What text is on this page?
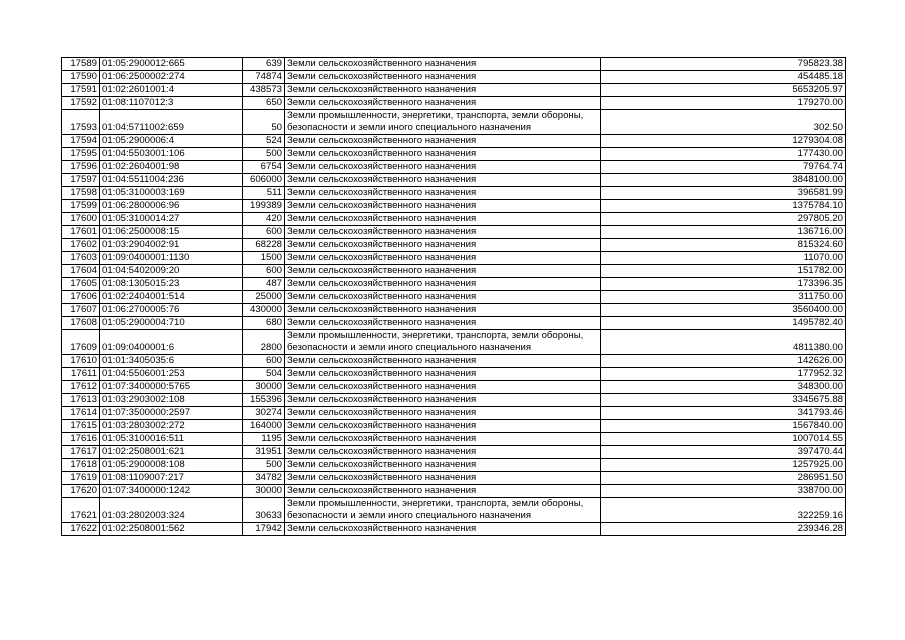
17589	01:05:2900012:665	639	Земли сельскохозяйственного назначения	795823.38
17590	01:06:2500002:274	74874	Земли сельскохозяйственного назначения	454485.18
17591	01:02:2601001:4	438573	Земли сельскохозяйственного назначения	5653205.97
17592	01:08:1107012:3	650	Земли сельскохозяйственного назначения	179270.00
17593	01:04:5711002:659	50	Земли промышленности, энергетики, транспорта, земли обороны, безопасности и земли иного специального назначения	302.50
17594	01:05:2900006:4	524	Земли сельскохозяйственного назначения	1279304.08
17595	01:04:5503001:106	500	Земли сельскохозяйственного назначения	177430.00
17596	01:02:2604001:98	6754	Земли сельскохозяйственного назначения	79764.74
17597	01:04:5511004:236	606000	Земли сельскохозяйственного назначения	3848100.00
17598	01:05:3100003:169	511	Земли сельскохозяйственного назначения	396581.99
17599	01:06:2800006:96	199389	Земли сельскохозяйственного назначения	1375784.10
17600	01:05:3100014:27	420	Земли сельскохозяйственного назначения	297805.20
17601	01:06:2500008:15	600	Земли сельскохозяйственного назначения	136716.00
17602	01:03:2904002:91	68228	Земли сельскохозяйственного назначения	815324.60
17603	01:09:0400001:1130	1500	Земли сельскохозяйственного назначения	11070.00
17604	01:04:5402009:20	600	Земли сельскохозяйственного назначения	151782.00
17605	01:08:1305015:23	487	Земли сельскохозяйственного назначения	173396.35
17606	01:02:2404001:514	25000	Земли сельскохозяйственного назначения	311750.00
17607	01:06:2700005:76	430000	Земли сельскохозяйственного назначения	3560400.00
17608	01:05:2900004:710	680	Земли сельскохозяйственного назначения	1495782.40
17609	01:09:0400001:6	2800	Земли промышленности, энергетики, транспорта, земли обороны, безопасности и земли иного специального назначения	4811380.00
17610	01:01:3405035:6	600	Земли сельскохозяйственного назначения	142626.00
17611	01:04:5506001:253	504	Земли сельскохозяйственного назначения	177952.32
17612	01:07:3400000:5765	30000	Земли сельскохозяйственного назначения	348300.00
17613	01:03:2903002:108	155396	Земли сельскохозяйственного назначения	3345675.88
17614	01:07:3500000:2597	30274	Земли сельскохозяйственного назначения	341793.46
17615	01:03:2803002:272	164000	Земли сельскохозяйственного назначения	1567840.00
17616	01:05:3100016:511	1195	Земли сельскохозяйственного назначения	1007014.55
17617	01:02:2508001:621	31951	Земли сельскохозяйственного назначения	397470.44
17618	01:05:2900008:108	500	Земли сельскохозяйственного назначения	1257925.00
17619	01:08:1109007:217	34782	Земли сельскохозяйственного назначения	286951.50
17620	01:07:3400000:1242	30000	Земли сельскохозяйственного назначения	338700.00
17621	01:03:2802003:324	30633	Земли промышленности, энергетики, транспорта, земли обороны, безопасности и земли иного специального назначения	322259.16
17622	01:02:2508001:562	17942	Земли сельскохозяйственного назначения	239346.28
